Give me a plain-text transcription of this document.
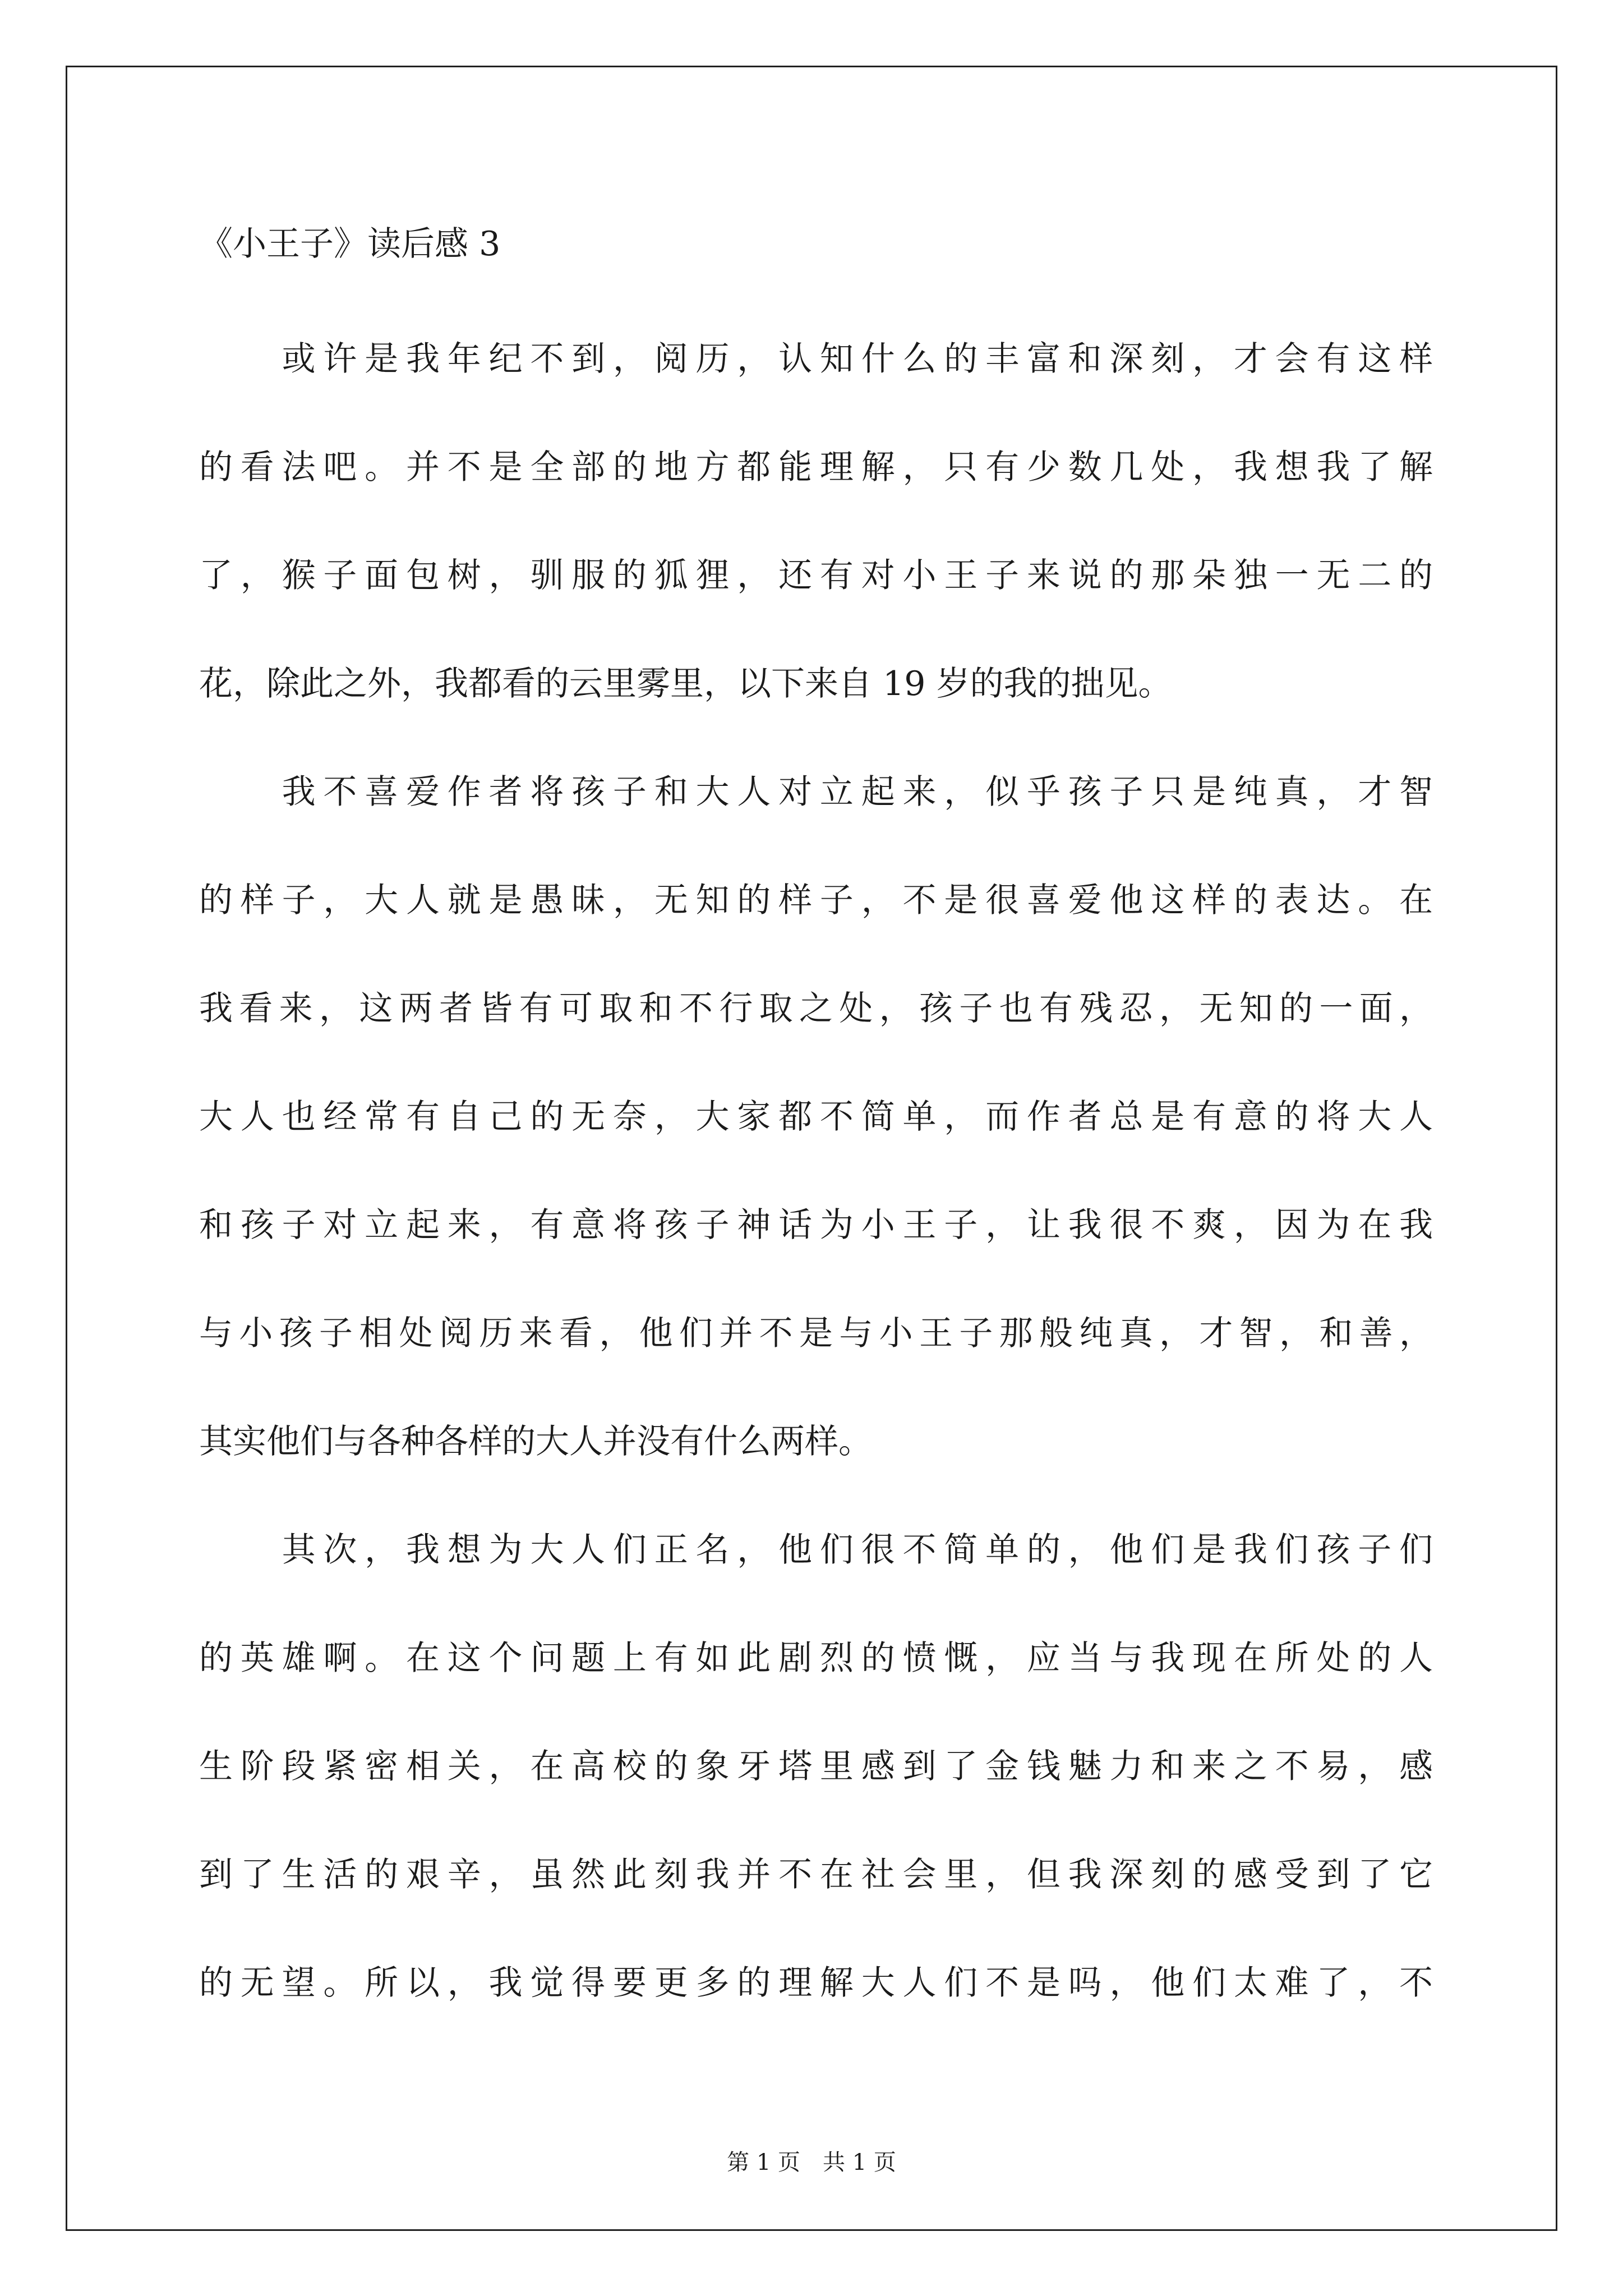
《小王子》读后感 3
　　或许是我年纪不到，阅历，认知什么的丰富和深刻，才会有这样
的看法吧。并不是全部的地方都能理解，只有少数几处，我想我了解
了，猴子面包树，驯服的狐狸，还有对小王子来说的那朵独一无二的
花，除此之外，我都看的云里雾里，以下来自 19 岁的我的拙见。
　　我不喜爱作者将孩子和大人对立起来，似乎孩子只是纯真，才智
的样子，大人就是愚昧，无知的样子，不是很喜爱他这样的表达。在
我看来，这两者皆有可取和不行取之处，孩子也有残忍，无知的一面，
大人也经常有自己的无奈，大家都不简单，而作者总是有意的将大人
和孩子对立起来，有意将孩子神话为小王子，让我很不爽，因为在我
与小孩子相处阅历来看，他们并不是与小王子那般纯真，才智，和善，
其实他们与各种各样的大人并没有什么两样。
　　其次，我想为大人们正名，他们很不简单的，他们是我们孩子们
的英雄啊。在这个问题上有如此剧烈的愤慨，应当与我现在所处的人
生阶段紧密相关，在高校的象牙塔里感到了金钱魅力和来之不易，感
到了生活的艰辛，虽然此刻我并不在社会里，但我深刻的感受到了它
的无望。所以，我觉得要更多的理解大人们不是吗，他们太难了，不
第 1 页　共 1 页
